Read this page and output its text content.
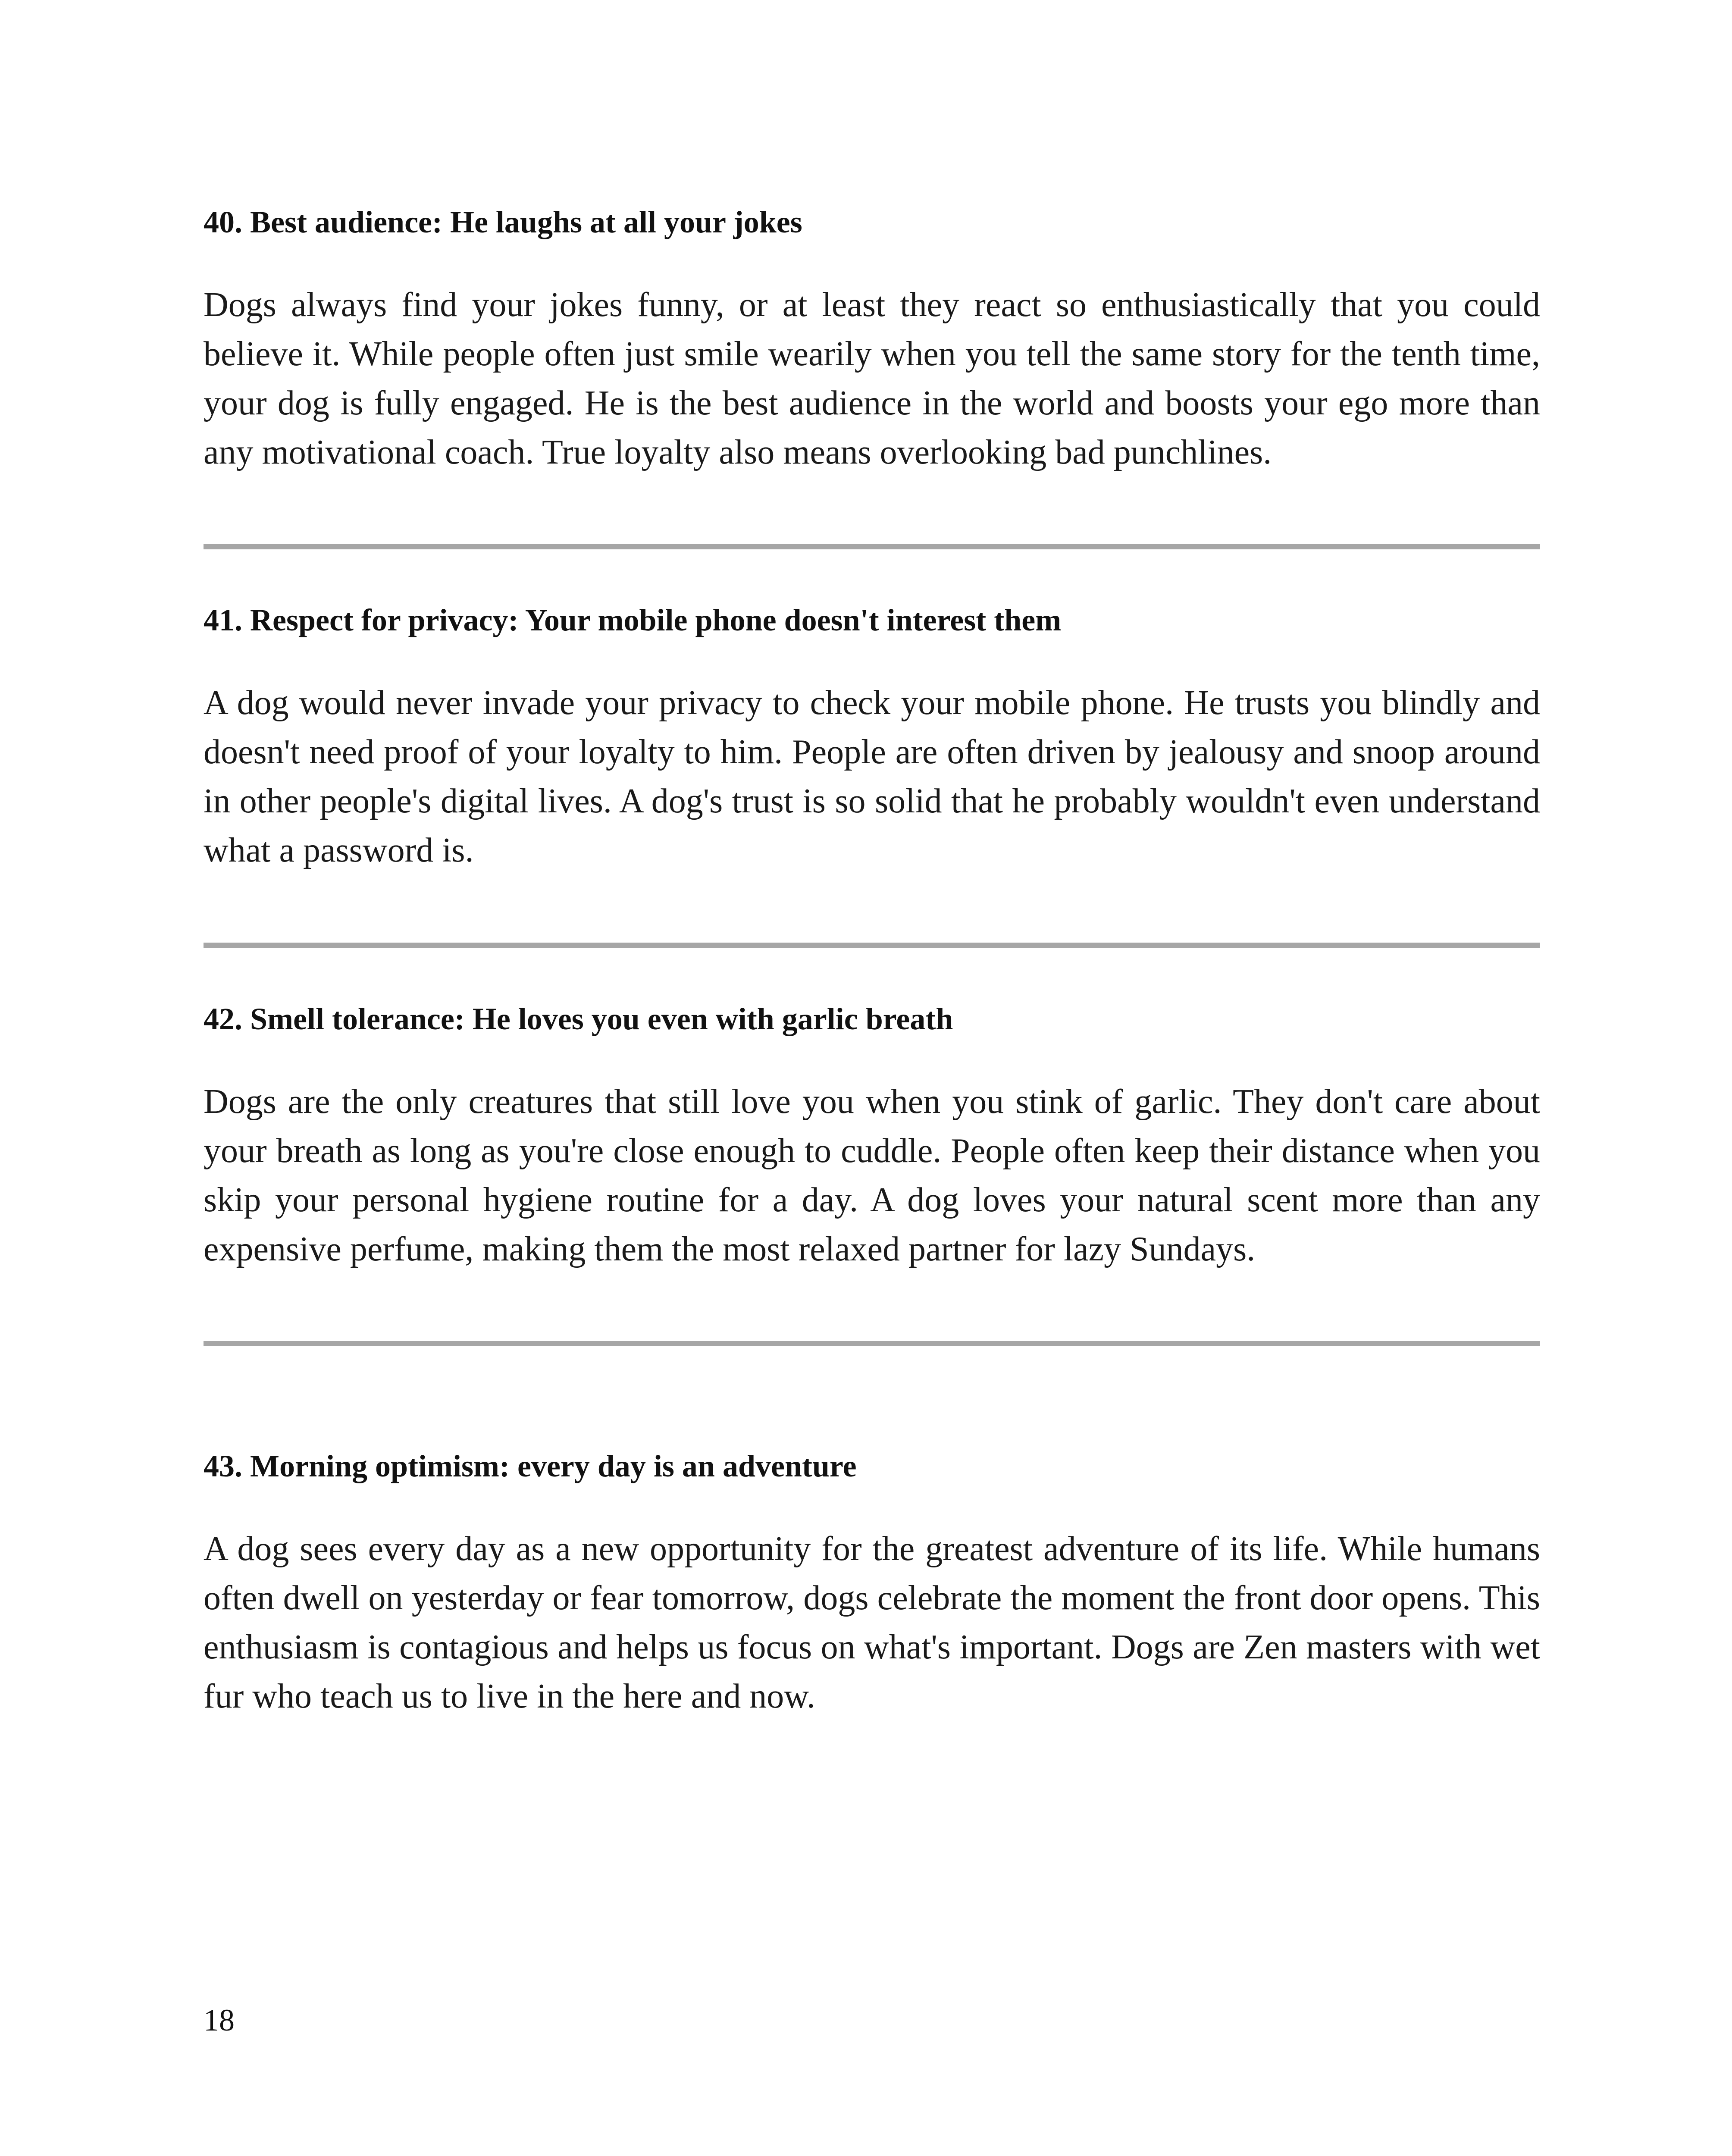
40. Best audience: He laughs at all your jokes

Dogs always find your jokes funny, or at least they react so enthusiastically that you could believe it. While people often just smile wearily when you tell the same story for the tenth time, your dog is fully engaged. He is the best audience in the world and boosts your ego more than any motivational coach. True loyalty also means overlooking bad punchlines.

41. Respect for privacy: Your mobile phone doesn't interest them

A dog would never invade your privacy to check your mobile phone. He trusts you blindly and doesn't need proof of your loyalty to him. People are often driven by jealousy and snoop around in other people's digital lives. A dog's trust is so solid that he probably wouldn't even understand what a password is.

42. Smell tolerance: He loves you even with garlic breath

Dogs are the only creatures that still love you when you stink of garlic. They don't care about your breath as long as you're close enough to cuddle. People often keep their distance when you skip your personal hygiene routine for a day. A dog loves your natural scent more than any expensive perfume, making them the most relaxed partner for lazy Sundays.

43. Morning optimism: every day is an adventure

A dog sees every day as a new opportunity for the greatest adventure of its life. While humans often dwell on yesterday or fear tomorrow, dogs celebrate the moment the front door opens. This enthusiasm is contagious and helps us focus on what's important. Dogs are Zen masters with wet fur who teach us to live in the here and now.

18
